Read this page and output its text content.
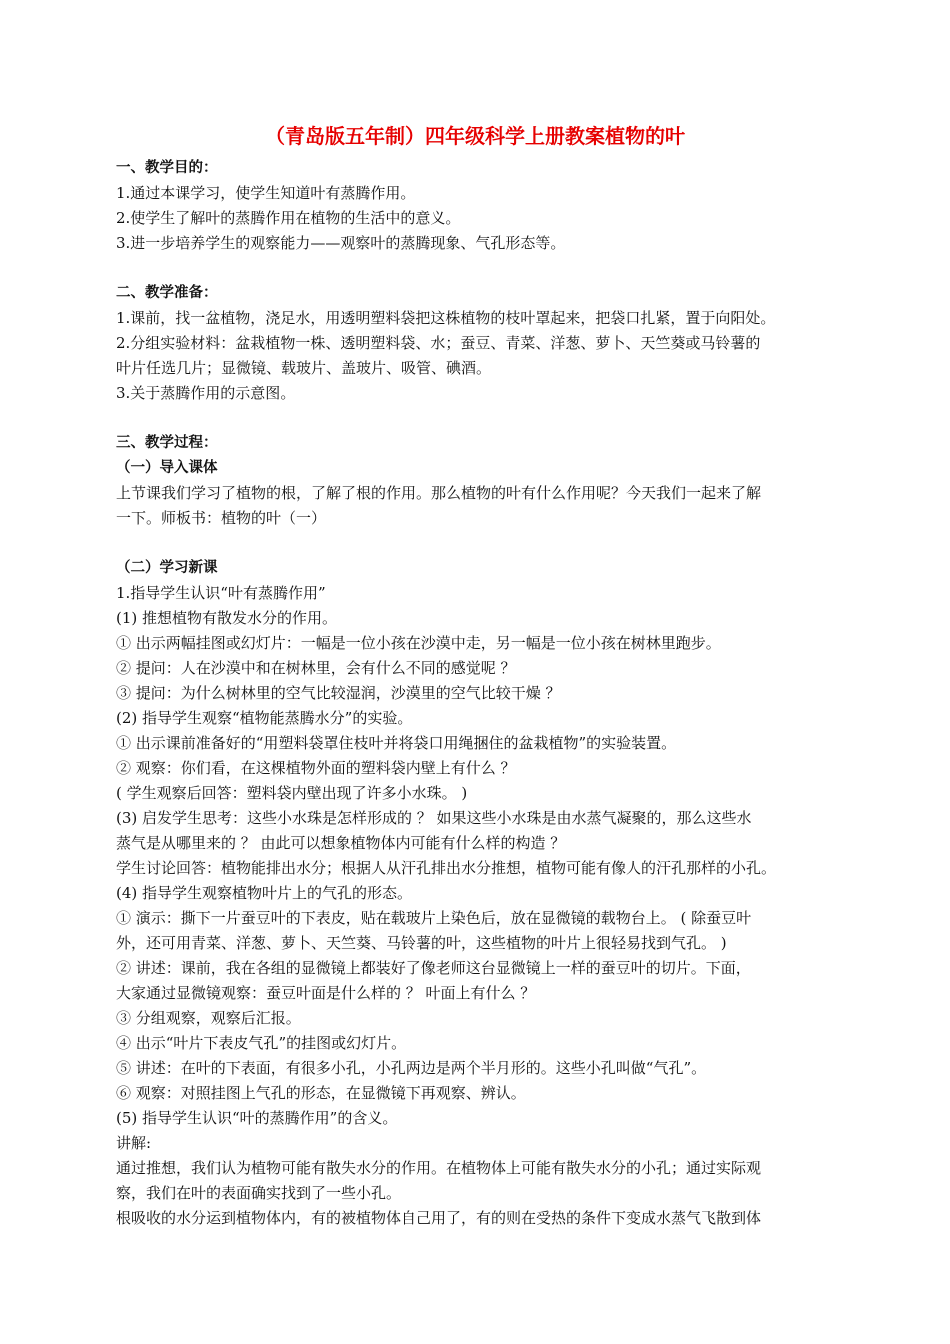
（青岛版五年制）四年级科学上册教案植物的叶
一、教学目的：
1.通过本课学习，使学生知道叶有蒸腾作用。
2.使学生了解叶的蒸腾作用在植物的生活中的意义。
3.进一步培养学生的观察能力——观察叶的蒸腾现象、气孔形态等。
二、教学准备：
1.课前，找一盆植物，浇足水，用透明塑料袋把这株植物的枝叶罩起来，把袋口扎紧，置于向阳处。
2.分组实验材料：盆栽植物一株、透明塑料袋、水；蚕豆、青菜、洋葱、萝卜、天竺葵或马铃薯的
叶片任选几片；显微镜、载玻片、盖玻片、吸管、碘酒。
3.关于蒸腾作用的示意图。
三、教学过程：
（一）导入课体
上节课我们学习了植物的根，了解了根的作用。那么植物的叶有什么作用呢？今天我们一起来了解
一下。师板书：植物的叶（一）
（二）学习新课
1.指导学生认识“叶有蒸腾作用”
(1) 推想植物有散发水分的作用。
① 出示两幅挂图或幻灯片：一幅是一位小孩在沙漠中走，另一幅是一位小孩在树林里跑步。
② 提问：人在沙漠中和在树林里，会有什么不同的感觉呢 ？
③ 提问：为什么树林里的空气比较湿润，沙漠里的空气比较干燥 ？
(2) 指导学生观察“植物能蒸腾水分”的实验。
① 出示课前准备好的“用塑料袋罩住枝叶并将袋口用绳捆住的盆栽植物”的实验装置。
② 观察：你们看，在这棵植物外面的塑料袋内壁上有什么 ？
( 学生观察后回答：塑料袋内壁出现了许多小水珠。 )
(3) 启发学生思考：这些小水珠是怎样形成的 ？ 如果这些小水珠是由水蒸气凝聚的，那么这些水
蒸气是从哪里来的 ？ 由此可以想象植物体内可能有什么样的构造 ？
学生讨论回答：植物能排出水分；根据人从汗孔排出水分推想，植物可能有像人的汗孔那样的小孔。
(4) 指导学生观察植物叶片上的气孔的形态。
① 演示：撕下一片蚕豆叶的下表皮，贴在载玻片上染色后，放在显微镜的载物台上。 ( 除蚕豆叶
外，还可用青菜、洋葱、萝卜、天竺葵、马铃薯的叶，这些植物的叶片上很轻易找到气孔。 )
② 讲述：课前，我在各组的显微镜上都装好了像老师这台显微镜上一样的蚕豆叶的切片。下面，
大家通过显微镜观察：蚕豆叶面是什么样的 ？ 叶面上有什么 ？
③ 分组观察，观察后汇报。
④ 出示“叶片下表皮气孔”的挂图或幻灯片。
⑤ 讲述：在叶的下表面，有很多小孔，小孔两边是两个半月形的。这些小孔叫做“气孔”。
⑥ 观察：对照挂图上气孔的形态，在显微镜下再观察、辨认。
(5) 指导学生认识“叶的蒸腾作用”的含义。
讲解:
通过推想，我们认为植物可能有散失水分的作用。在植物体上可能有散失水分的小孔；通过实际观
察，我们在叶的表面确实找到了一些小孔。
根吸收的水分运到植物体内，有的被植物体自己用了，有的则在受热的条件下变成水蒸气飞散到体
